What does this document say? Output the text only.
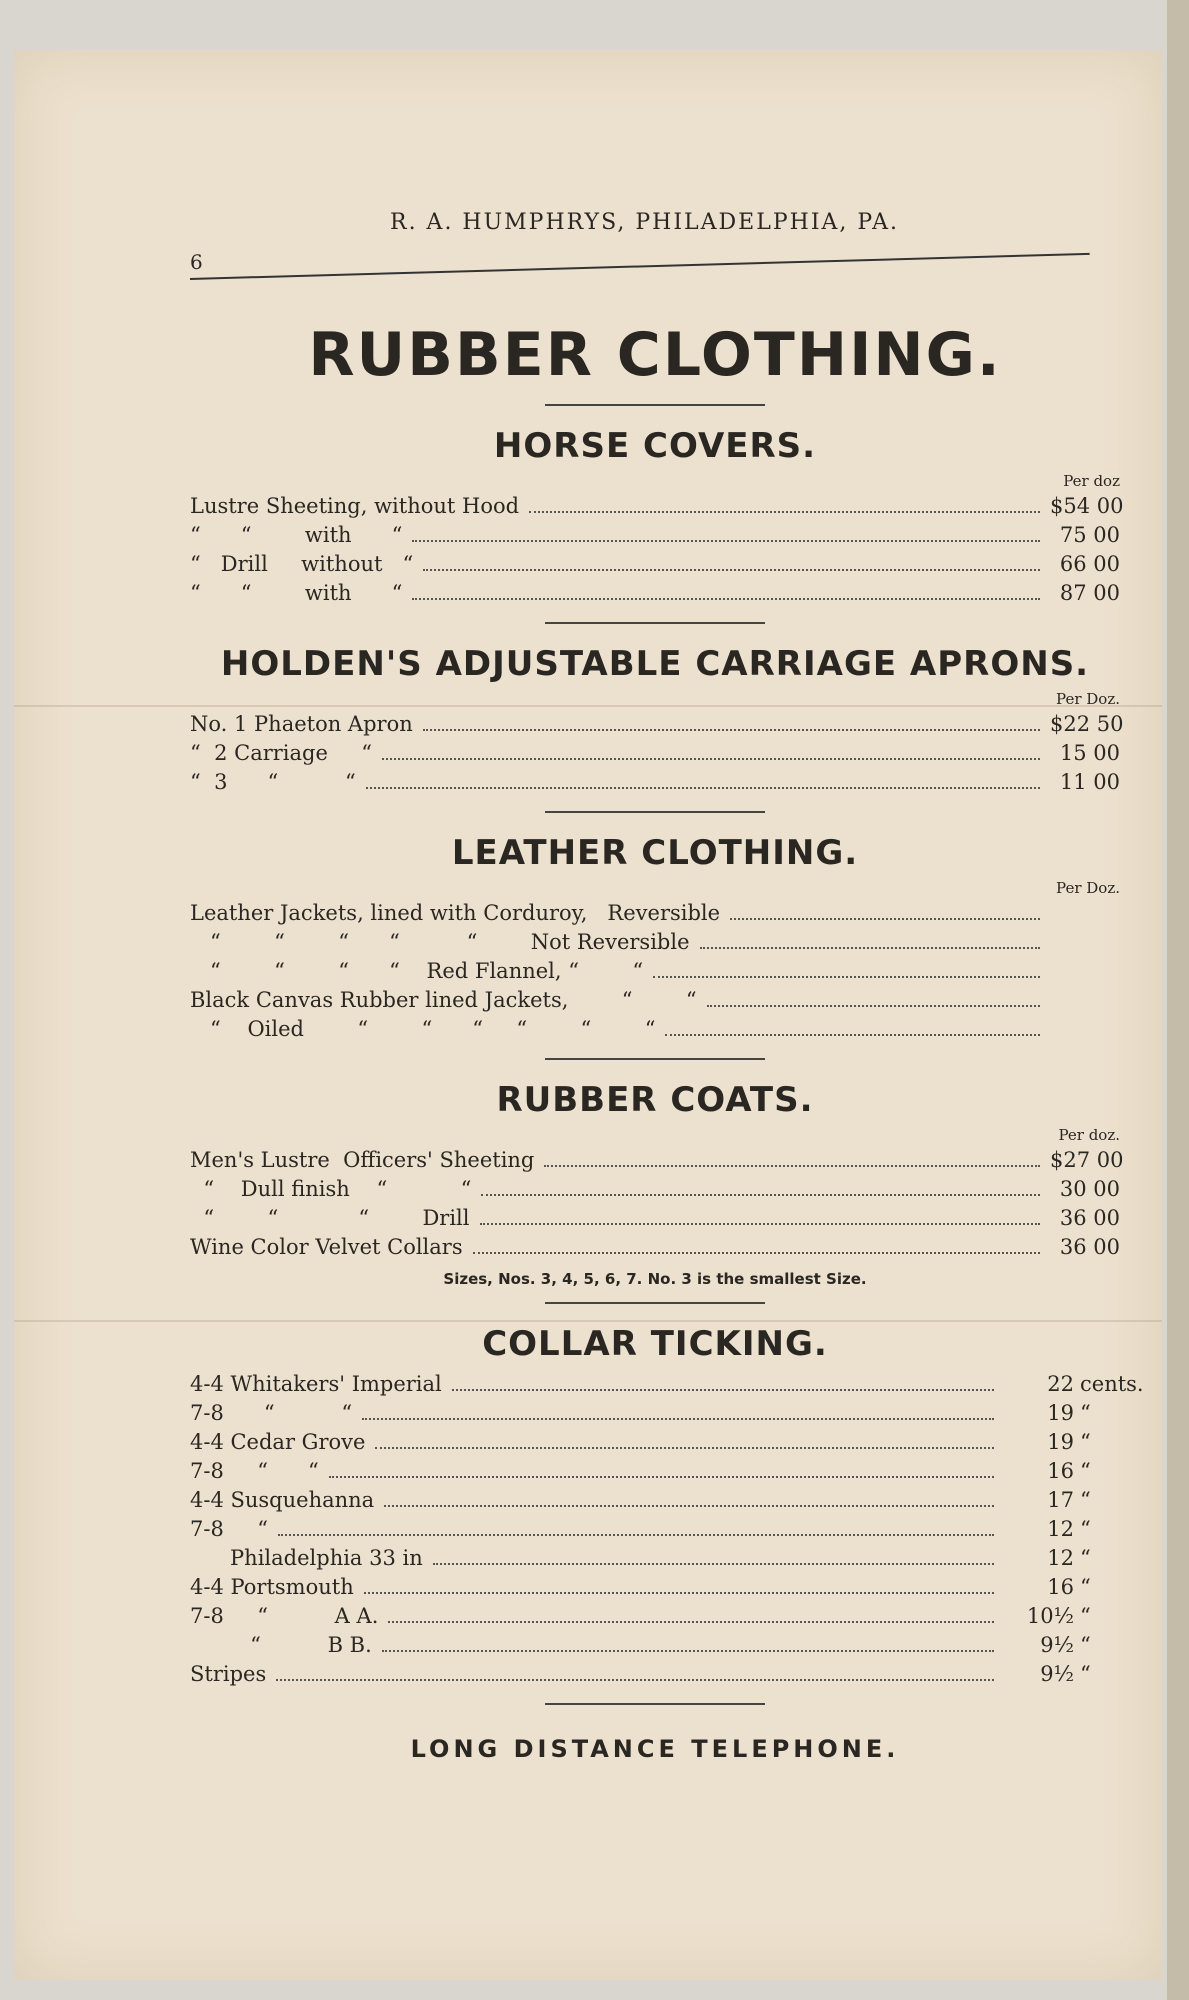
6
R. A. HUMPHRYS, PHILADELPHIA, PA.
RUBBER CLOTHING.
HORSE COVERS.
Per doz
Lustre Sheeting, without Hood	$54 00
“      “        with      “	75 00
“   Drill     without   “	66 00
“      “        with      “	87 00
HOLDEN'S ADJUSTABLE CARRIAGE APRONS.
Per Doz.
No. 1 Phaeton Apron	$22 50
“  2 Carriage     “	15 00
“  3      “          “	11 00
LEATHER CLOTHING.
Per Doz.
Leather Jackets, lined with Corduroy,   Reversible
“        “        “      “          “        Not Reversible
“        “        “      “    Red Flannel, “        “
Black Canvas Rubber lined Jackets,        “        “
“    Oiled        “        “      “     “        “        “
RUBBER COATS.
Per doz.
Men's Lustre  Officers' Sheeting	$27 00
“    Dull finish    “           “	30 00
“        “            “        Drill	36 00
Wine Color Velvet Collars	36 00
Sizes, Nos. 3, 4, 5, 6, 7. No. 3 is the smallest Size.
COLLAR TICKING.
4-4 Whitakers' Imperial	22 cents.
7-8      “          “	19 “
4-4 Cedar Grove	19 “
7-8     “      “	16 “
4-4 Susquehanna	17 “
7-8     “	12 “
Philadelphia 33 in	12 “
4-4 Portsmouth	16 “
7-8     “          A A.	10½ “
“          B B.	9½ “
Stripes	9½ “
LONG DISTANCE TELEPHONE.
